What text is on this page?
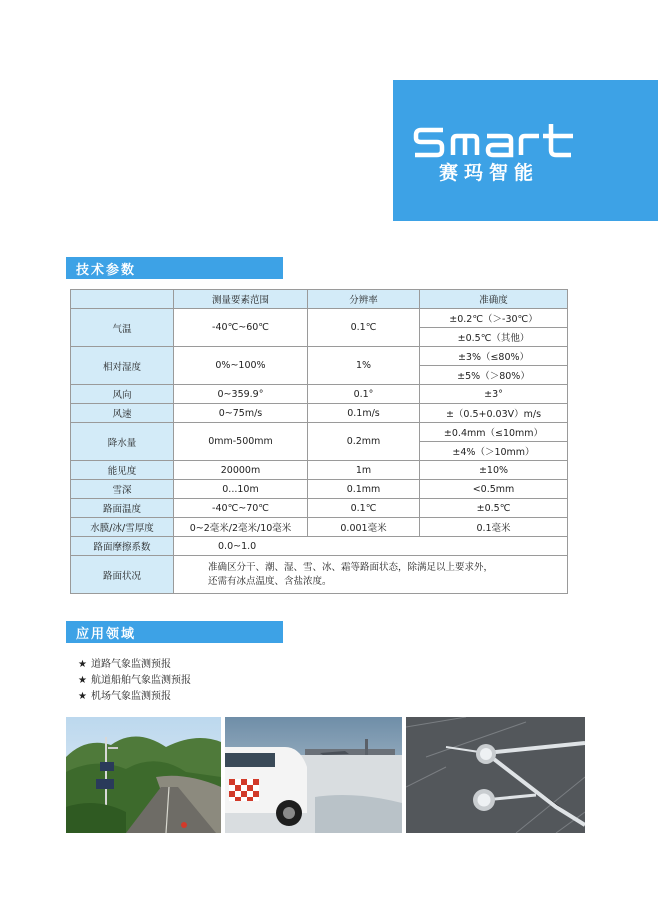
赛玛智能
技术参数
	测量要素范围	分辨率	准确度
气温	-40℃~60℃	0.1℃	±0.2℃（＞-30℃）
			±0.5℃（其他）
相对湿度	0%~100%	1%	±3%（≤80%）
			±5%（＞80%）
风向	0~359.9°	0.1°	±3°
风速	0~75m/s	0.1m/s	±（0.5+0.03V）m/s
降水量	0mm-500mm	0.2mm	±0.4mm（≤10mm）
			±4%（＞10mm）
能见度	20000m	1m	±10%
雪深	0...10m	0.1mm	<0.5mm
路面温度	-40℃~70℃	0.1℃	±0.5℃
水膜/冰/雪厚度	0~2毫米/2毫米/10毫米	0.001毫米	0.1毫米
路面摩擦系数	0.0~1.0		
路面状况	准确区分干、潮、湿、雪、冰、霜等路面状态，除满足以上要求外，
还需有冰点温度、含盐浓度。		
应用领域
★ 道路气象监测预报
★ 航道船舶气象监测预报
★ 机场气象监测预报
